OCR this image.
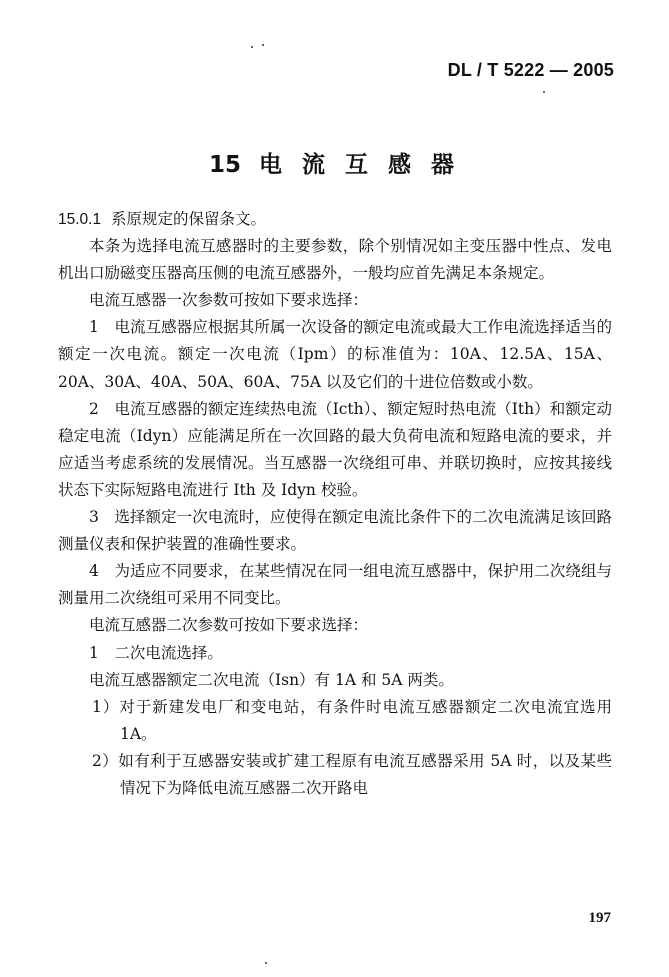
DL / T 5222 — 2005
15 电 流 互 感 器

15.0.1 系原规定的保留条文。

本条为选择电流互感器时的主要参数，除个别情况如主变压器中性点、发电机出口励磁变压器高压侧的电流互感器外，一般均应首先满足本条规定。

电流互感器一次参数可按如下要求选择：

1　电流互感器应根据其所属一次设备的额定电流或最大工作电流选择适当的额定一次电流。额定一次电流（Ipm）的标准值为：10A、12.5A、15A、20A、30A、40A、50A、60A、75A 以及它们的十进位倍数或小数。

2　电流互感器的额定连续热电流（Icth）、额定短时热电流（Ith）和额定动稳定电流（Idyn）应能满足所在一次回路的最大负荷电流和短路电流的要求，并应适当考虑系统的发展情况。当互感器一次绕组可串、并联切换时，应按其接线状态下实际短路电流进行 Ith 及 Idyn 校验。

3　选择额定一次电流时，应使得在额定电流比条件下的二次电流满足该回路测量仪表和保护装置的准确性要求。

4　为适应不同要求，在某些情况在同一组电流互感器中，保护用二次绕组与测量用二次绕组可采用不同变比。

电流互感器二次参数可按如下要求选择：

1　二次电流选择。

电流互感器额定二次电流（Isn）有 1A 和 5A 两类。

1）对于新建发电厂和变电站，有条件时电流互感器额定二次电流宜选用 1A。

2）如有利于互感器安装或扩建工程原有电流互感器采用 5A 时，以及某些情况下为降低电流互感器二次开路电

197
